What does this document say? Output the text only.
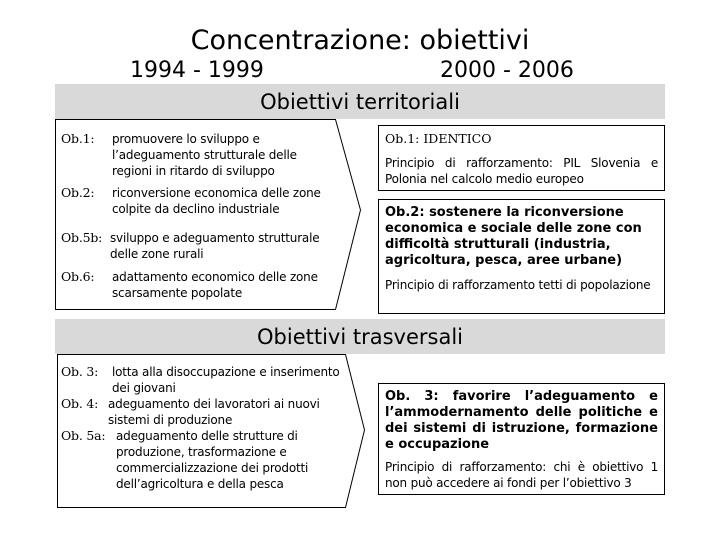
Concentrazione: obiettivi
1994 - 1999	2000 - 2006
Obiettivi territoriali
Ob.1:	promuovere lo sviluppo e l’adeguamento strutturale delle regioni in ritardo di sviluppo
Ob.2:	riconversione economica delle zone colpite da declino industriale
Ob.5b: sviluppo e adeguamento strutturale delle zone rurali
Ob.6:	adattamento economico delle zone scarsamente popolate
Ob.1: IDENTICO
Principio di rafforzamento: PIL Slovenia e Polonia nel calcolo medio europeo
Ob.2: sostenere la riconversione economica e sociale delle zone con difficoltà strutturali (industria, agricoltura, pesca, aree urbane)
Principio di rafforzamento tetti di popolazione
Obiettivi trasversali
Ob. 3:	lotta alla disoccupazione e inserimento dei giovani
Ob. 4: adeguamento dei lavoratori ai nuovi sistemi di produzione
Ob. 5a: adeguamento delle strutture di produzione, trasformazione e commercializzazione dei prodotti dell’agricoltura e della pesca
Ob. 3: favorire l’adeguamento e l’ammodernamento delle politiche e dei sistemi di istruzione, formazione e occupazione
Principio di rafforzamento: chi è obiettivo 1 non può accedere ai fondi per l’obiettivo 3
